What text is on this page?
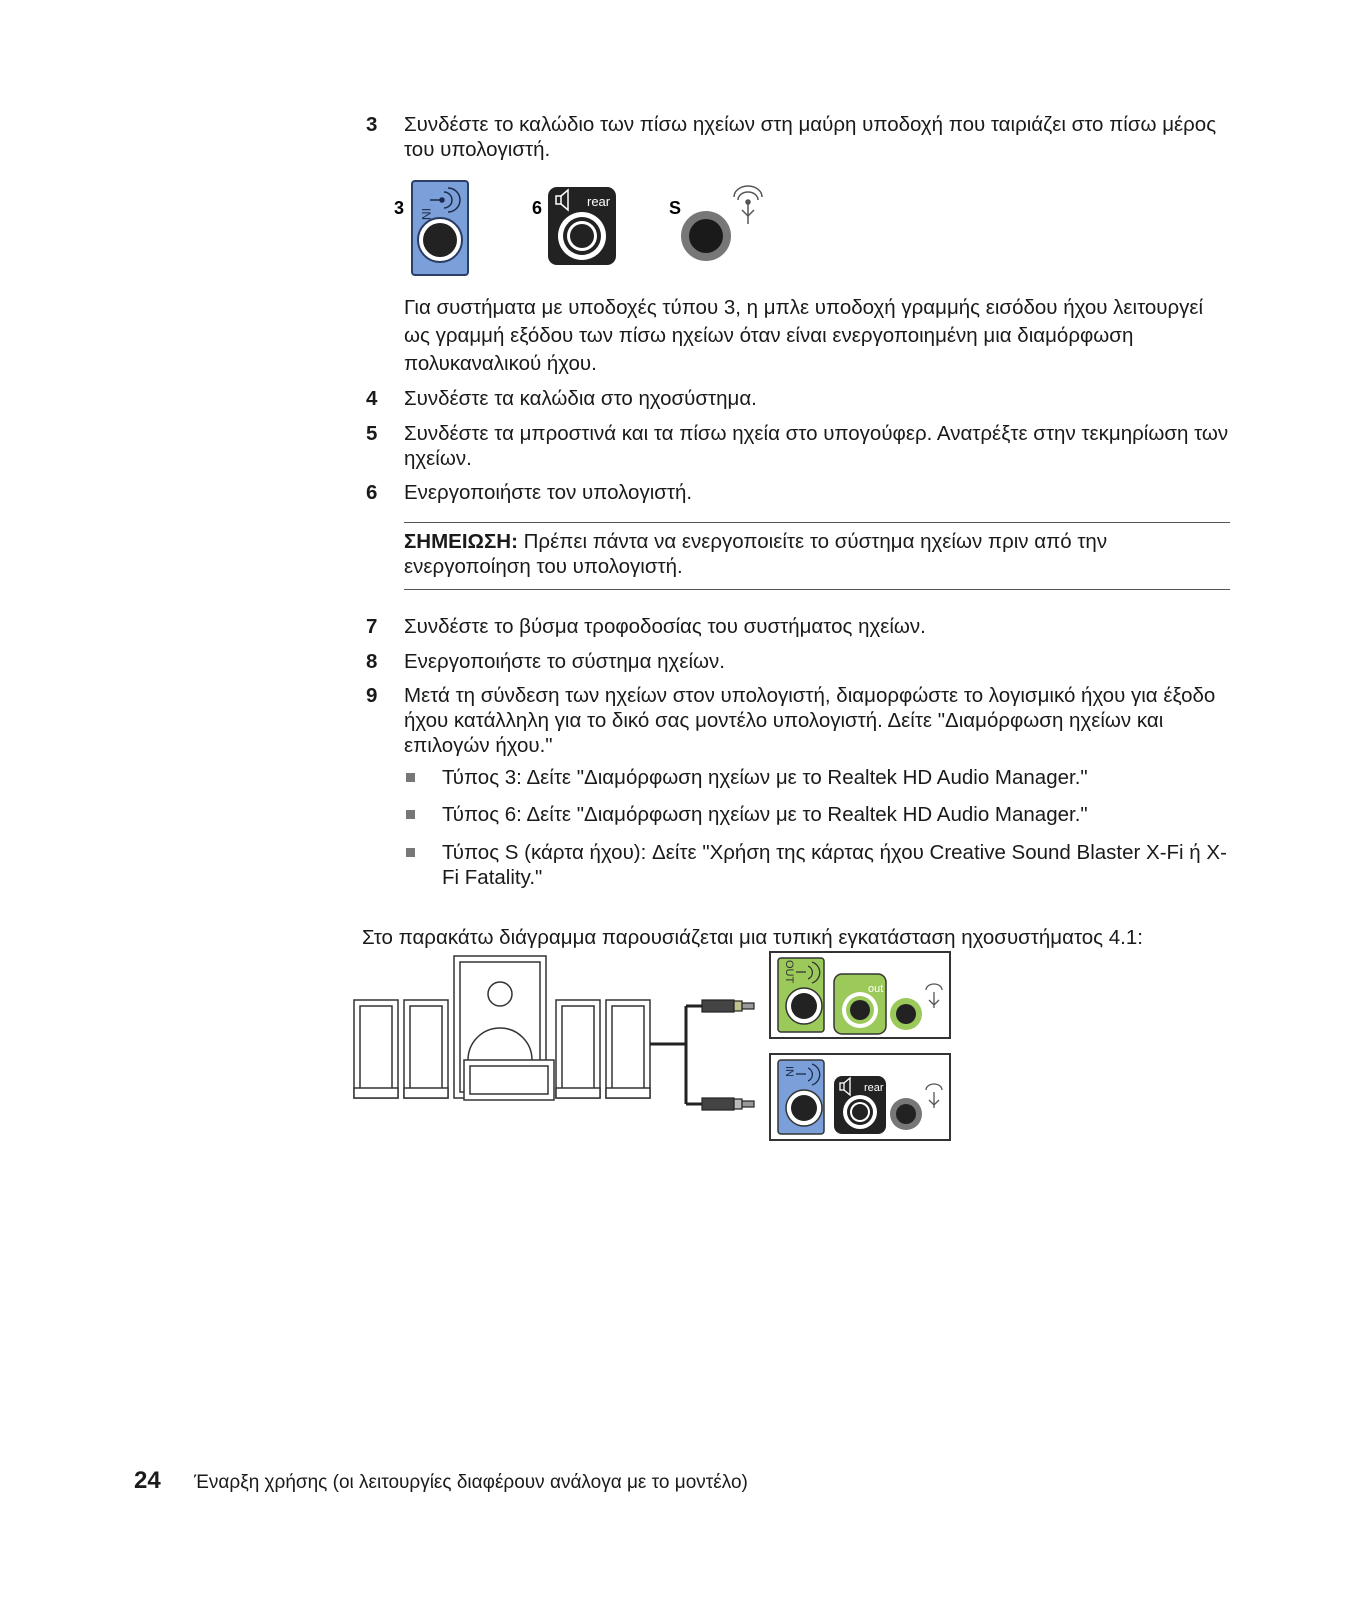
3	Συνδέστε το καλώδιο των πίσω ηχείων στη μαύρη υποδοχή που ταιριάζει στο πίσω μέρος του υπολογιστή.
3 IN	6	rear	S
Για συστήματα με υποδοχές τύπου 3, η μπλε υποδοχή γραμμής εισόδου ήχου λειτουργεί ως γραμμή εξόδου των πίσω ηχείων όταν είναι ενεργοποιημένη μια διαμόρφωση πολυκαναλικού ήχου.
4	Συνδέστε τα καλώδια στο ηχοσύστημα.
5	Συνδέστε τα μπροστινά και τα πίσω ηχεία στο υπογούφερ. Ανατρέξτε στην τεκμηρίωση των ηχείων.
6	Ενεργοποιήστε τον υπολογιστή.
ΣΗΜΕΙΩΣΗ: Πρέπει πάντα να ενεργοποιείτε το σύστημα ηχείων πριν από την ενεργοποίηση του υπολογιστή.
7	Συνδέστε το βύσμα τροφοδοσίας του συστήματος ηχείων.
8	Ενεργοποιήστε το σύστημα ηχείων.
9	Μετά τη σύνδεση των ηχείων στον υπολογιστή, διαμορφώστε το λογισμικό ήχου για έξοδο ήχου κατάλληλη για το δικό σας μοντέλο υπολογιστή. Δείτε "Διαμόρφωση ηχείων και επιλογών ήχου."
Τύπος 3: Δείτε "Διαμόρφωση ηχείων με το Realtek HD Audio Manager."
Τύπος 6: Δείτε "Διαμόρφωση ηχείων με το Realtek HD Audio Manager."
Τύπος S (κάρτα ήχου): Δείτε "Χρήση της κάρτας ήχου Creative Sound Blaster X-Fi ή X-Fi Fatality."
Στο παρακάτω διάγραμμα παρουσιάζεται μια τυπική εγκατάσταση ηχοσυστήματος 4.1:
OUT
out
IN
rear
24 Έναρξη χρήσης (οι λειτουργίες διαφέρουν ανάλογα με το μοντέλο)
